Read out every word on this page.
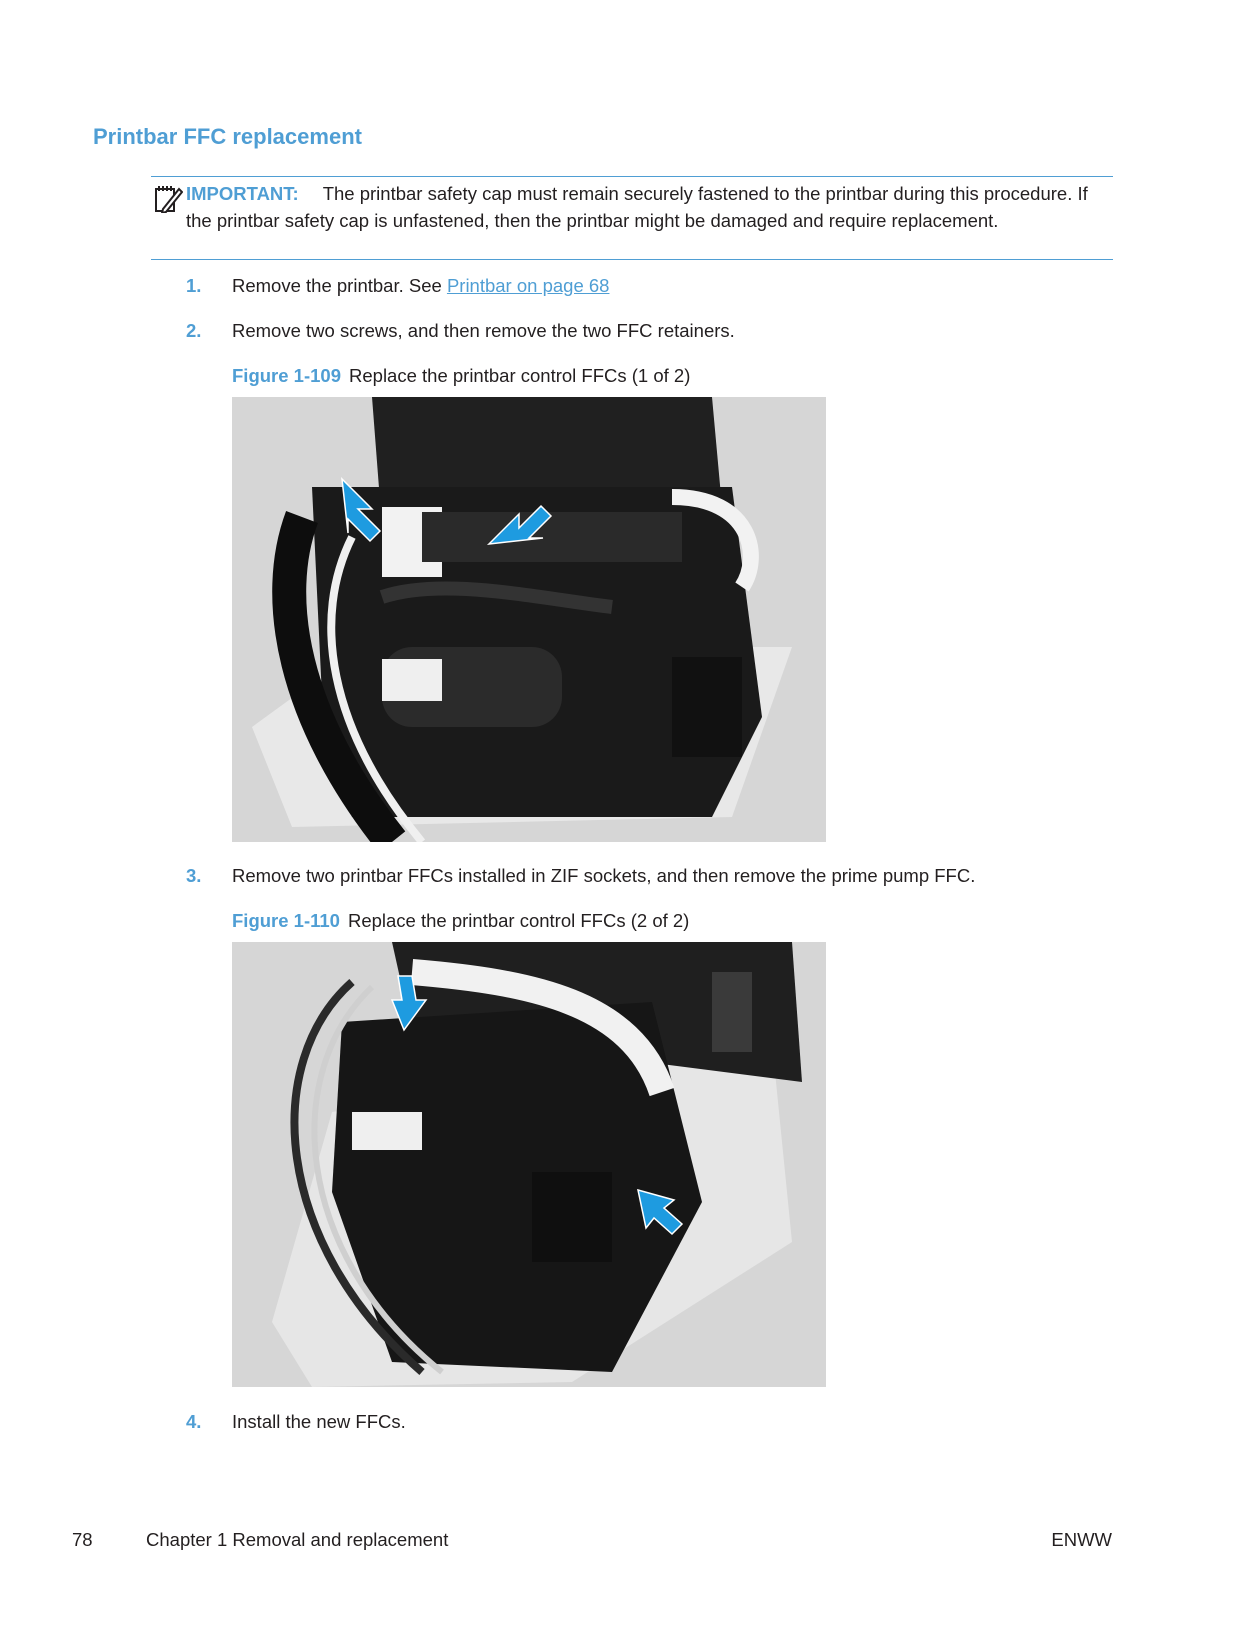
Printbar FFC replacement
IMPORTANT: The printbar safety cap must remain securely fastened to the printbar during this procedure. If the printbar safety cap is unfastened, then the printbar might be damaged and require replacement.
1. Remove the printbar. See Printbar on page 68
2. Remove two screws, and then remove the two FFC retainers.
Figure 1-109 Replace the printbar control FFCs (1 of 2)
3. Remove two printbar FFCs installed in ZIF sockets, and then remove the prime pump FFC.
Figure 1-110 Replace the printbar control FFCs (2 of 2)
4. Install the new FFCs.
78	Chapter 1 Removal and replacement	ENWW
